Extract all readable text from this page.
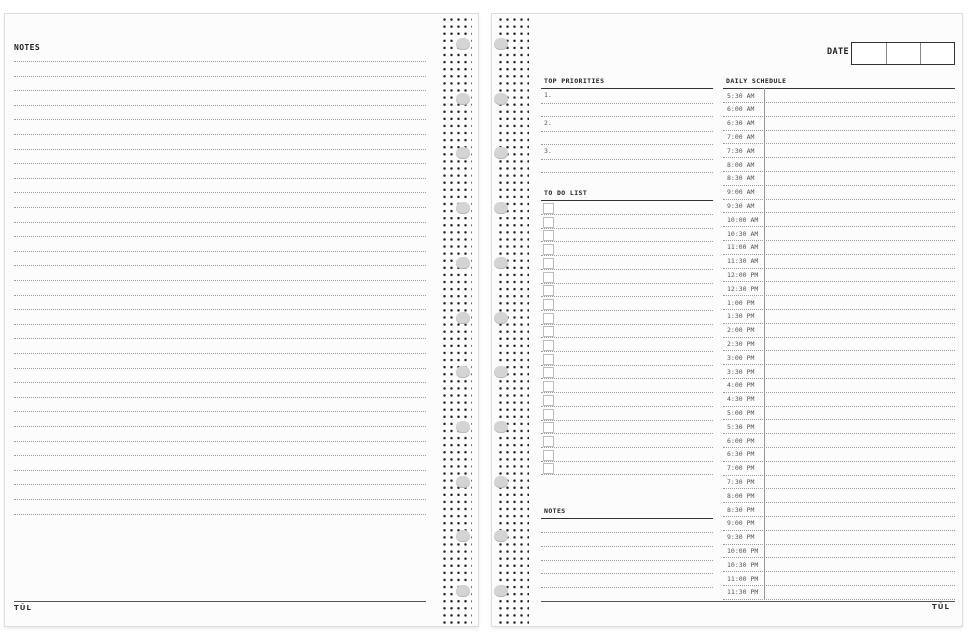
NOTES
TŪL
DATE
TOP PRIORITIES
1.
2.
3.
TO DO LIST
NOTES
DAILY SCHEDULE
5:30 AM
6:00 AM
6:30 AM
7:00 AM
7:30 AM
8:00 AM
8:30 AM
9:00 AM
9:30 AM
10:00 AM
10:30 AM
11:00 AM
11:30 AM
12:00 PM
12:30 PM
1:00 PM
1:30 PM
2:00 PM
2:30 PM
3:00 PM
3:30 PM
4:00 PM
4:30 PM
5:00 PM
5:30 PM
6:00 PM
6:30 PM
7:00 PM
7:30 PM
8:00 PM
8:30 PM
9:00 PM
9:30 PM
10:00 PM
10:30 PM
11:00 PM
11:30 PM
TŪL
